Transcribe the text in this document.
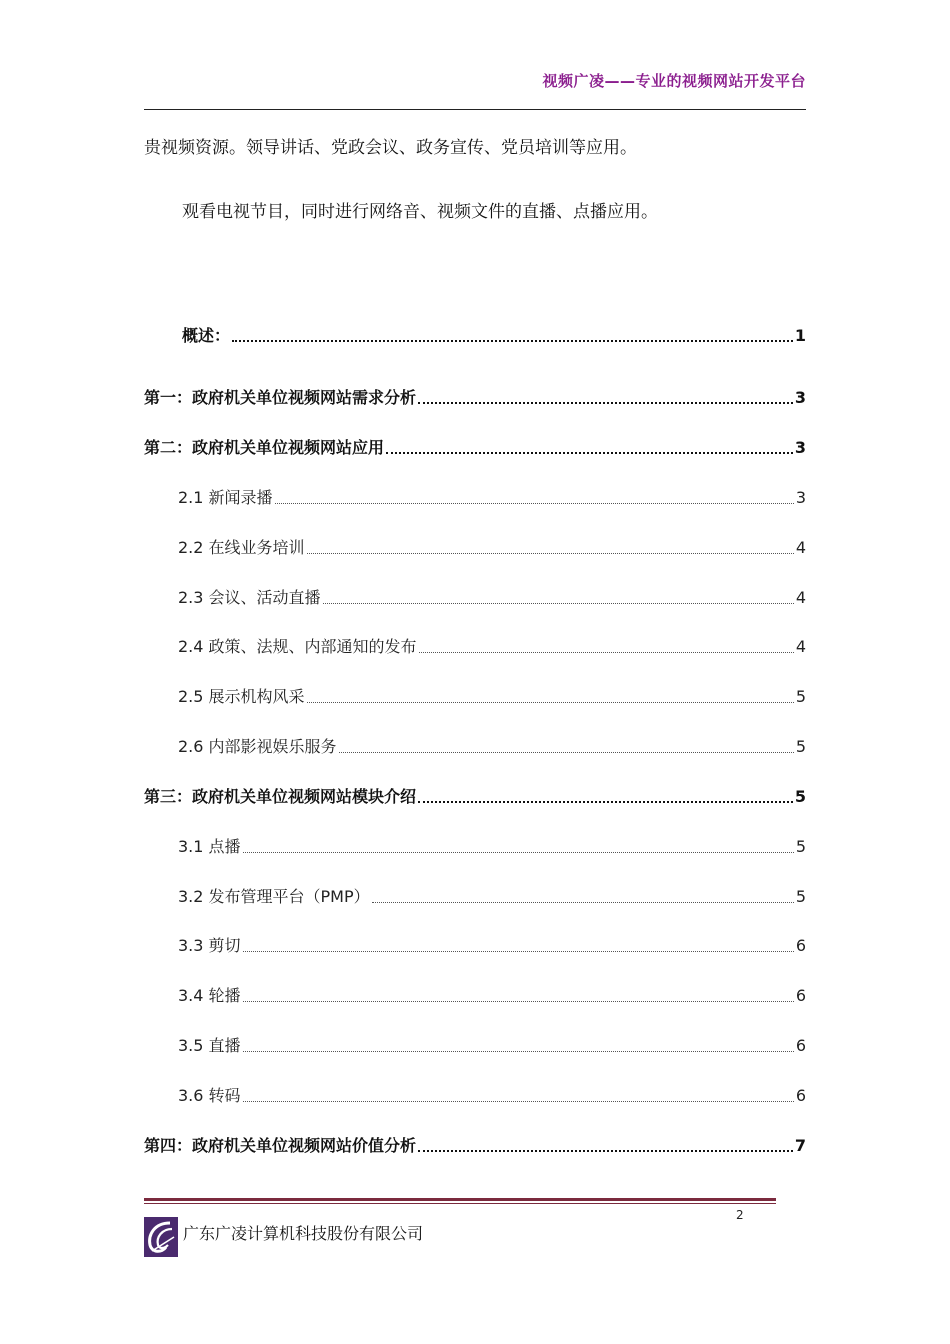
视频广凌——专业的视频网站开发平台
贵视频资源。领导讲话、党政会议、政务宣传、党员培训等应用。
观看电视节目，同时进行网络音、视频文件的直播、点播应用。
概述：	1
第一：政府机关单位视频网站需求分析	3
第二：政府机关单位视频网站应用	3
2.1 新闻录播	3
2.2 在线业务培训	4
2.3 会议、活动直播	4
2.4 政策、法规、内部通知的发布	4
2.5 展示机构风采	5
2.6 内部影视娱乐服务	5
第三：政府机关单位视频网站模块介绍	5
3.1 点播	5
3.2 发布管理平台（PMP）	5
3.3 剪切	6
3.4 轮播	6
3.5 直播	6
3.6 转码	6
第四：政府机关单位视频网站价值分析	7
2
广东广凌计算机科技股份有限公司
